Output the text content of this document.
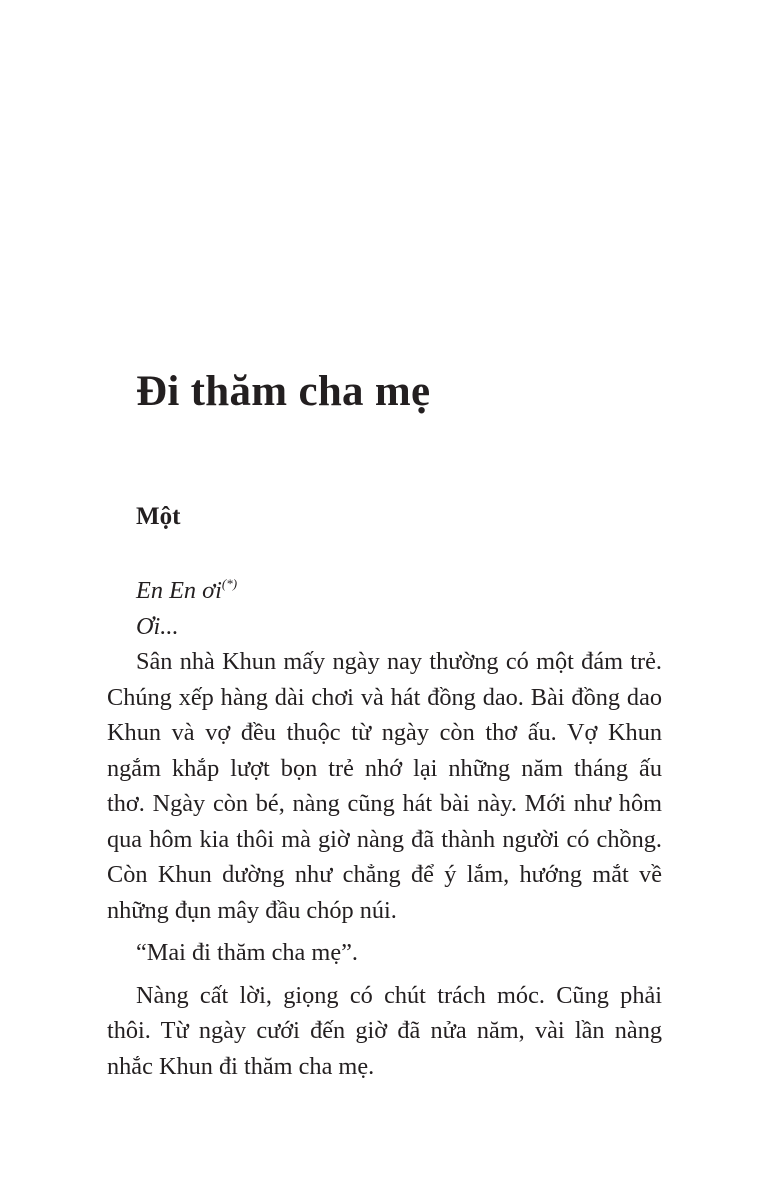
Đi thăm cha mẹ
Một
En En ơi(*)
Ơi...
Sân nhà Khun mấy ngày nay thường có một đám trẻ.
Chúng xếp hàng dài chơi và hát đồng dao. Bài đồng dao
Khun và vợ đều thuộc từ ngày còn thơ ấu. Vợ Khun
ngắm khắp lượt bọn trẻ nhớ lại những năm tháng ấu
thơ. Ngày còn bé, nàng cũng hát bài này. Mới như hôm
qua hôm kia thôi mà giờ nàng đã thành người có chồng.
Còn Khun dường như chẳng để ý lắm, hướng mắt về
những đụn mây đầu chóp núi.
“Mai đi thăm cha mẹ”.
Nàng cất lời, giọng có chút trách móc. Cũng phải
thôi. Từ ngày cưới đến giờ đã nửa năm, vài lần nàng
nhắc Khun đi thăm cha mẹ.
